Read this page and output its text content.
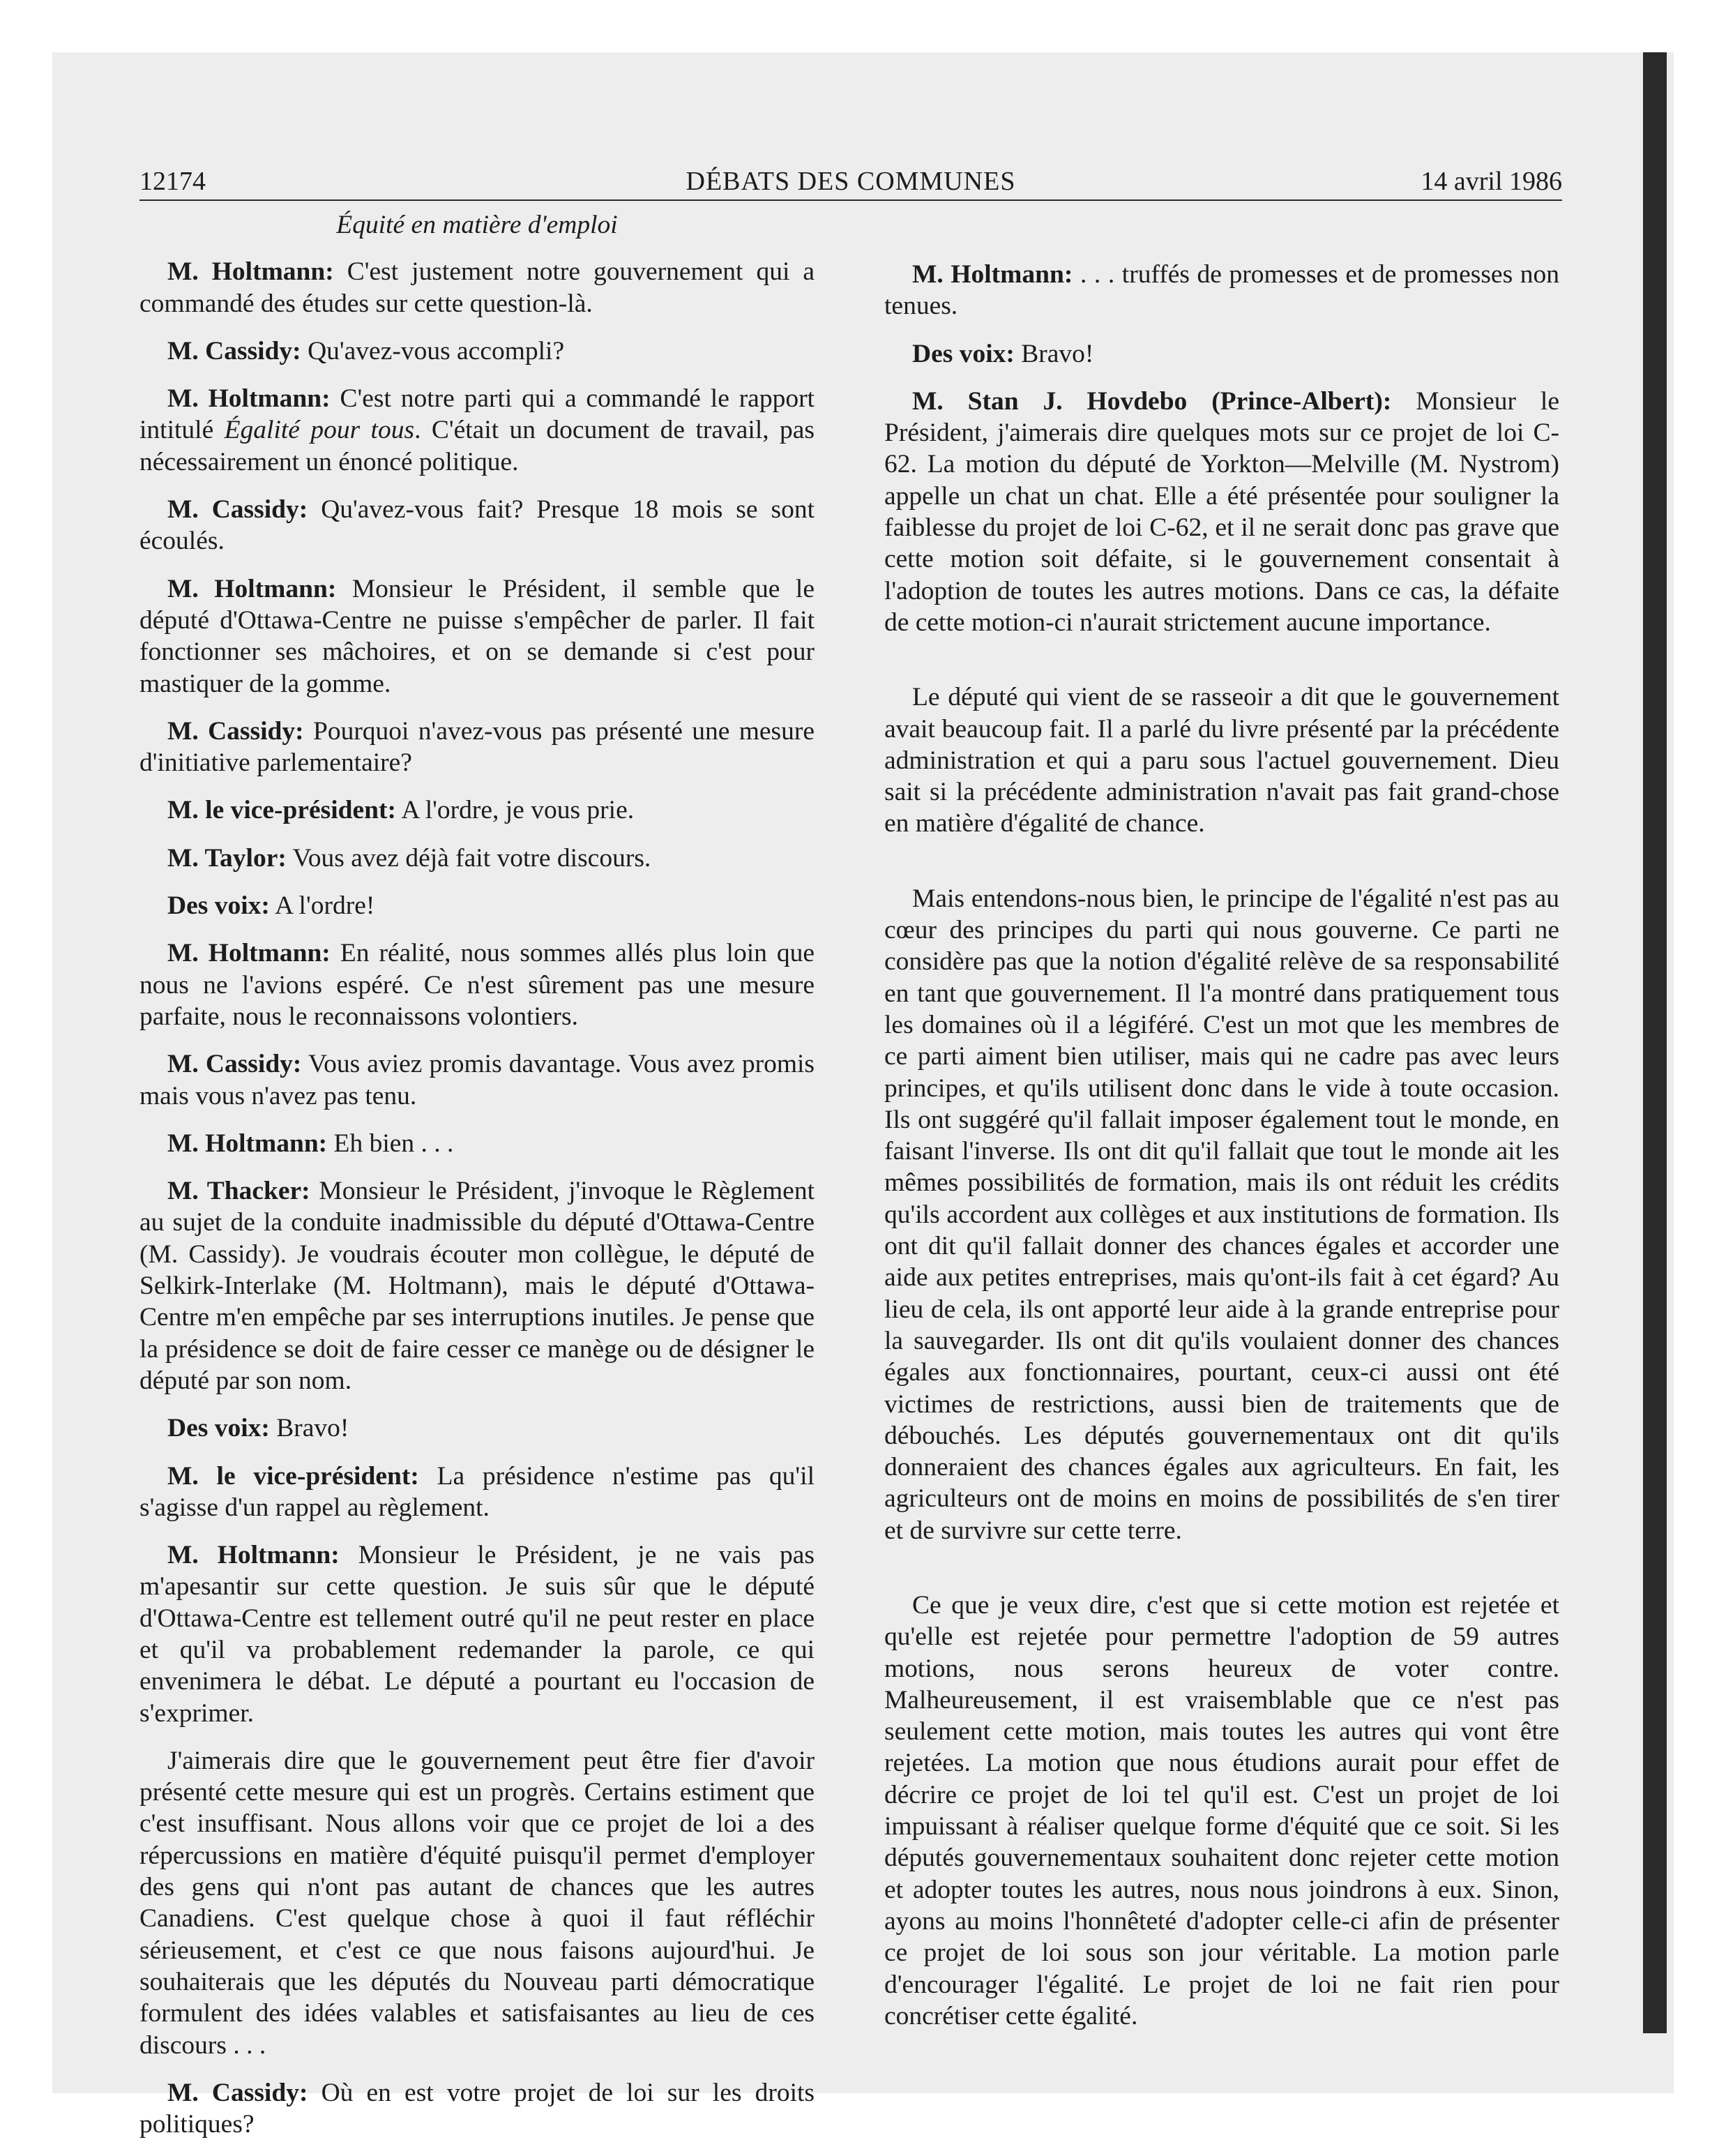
12174	DÉBATS DES COMMUNES	14 avril 1986
Équité en matière d'emploi

M. Holtmann: C'est justement notre gouvernement qui a commandé des études sur cette question-là.

M. Cassidy: Qu'avez-vous accompli?

M. Holtmann: C'est notre parti qui a commandé le rapport intitulé Égalité pour tous. C'était un document de travail, pas nécessairement un énoncé politique.

M. Cassidy: Qu'avez-vous fait? Presque 18 mois se sont écoulés.

M. Holtmann: Monsieur le Président, il semble que le député d'Ottawa-Centre ne puisse s'empêcher de parler. Il fait fonctionner ses mâchoires, et on se demande si c'est pour mastiquer de la gomme.

M. Cassidy: Pourquoi n'avez-vous pas présenté une mesure d'initiative parlementaire?

M. le vice-président: A l'ordre, je vous prie.

M. Taylor: Vous avez déjà fait votre discours.

Des voix: A l'ordre!

M. Holtmann: En réalité, nous sommes allés plus loin que nous ne l'avions espéré. Ce n'est sûrement pas une mesure parfaite, nous le reconnaissons volontiers.

M. Cassidy: Vous aviez promis davantage. Vous avez promis mais vous n'avez pas tenu.

M. Holtmann: Eh bien . . .

M. Thacker: Monsieur le Président, j'invoque le Règlement au sujet de la conduite inadmissible du député d'Ottawa-Centre (M. Cassidy). Je voudrais écouter mon collègue, le député de Selkirk-Interlake (M. Holtmann), mais le député d'Ottawa-Centre m'en empêche par ses interruptions inutiles. Je pense que la présidence se doit de faire cesser ce manège ou de désigner le député par son nom.

Des voix: Bravo!

M. le vice-président: La présidence n'estime pas qu'il s'agisse d'un rappel au règlement.

M. Holtmann: Monsieur le Président, je ne vais pas m'apesantir sur cette question. Je suis sûr que le député d'Ottawa-Centre est tellement outré qu'il ne peut rester en place et qu'il va probablement redemander la parole, ce qui envenimera le débat. Le député a pourtant eu l'occasion de s'exprimer.

J'aimerais dire que le gouvernement peut être fier d'avoir présenté cette mesure qui est un progrès. Certains estiment que c'est insuffisant. Nous allons voir que ce projet de loi a des répercussions en matière d'équité puisqu'il permet d'employer des gens qui n'ont pas autant de chances que les autres Canadiens. C'est quelque chose à quoi il faut réfléchir sérieusement, et c'est ce que nous faisons aujourd'hui. Je souhaiterais que les députés du Nouveau parti démocratique formulent des idées valables et satisfaisantes au lieu de ces discours . . .

M. Cassidy: Où en est votre projet de loi sur les droits politiques?

M. Holtmann: . . . truffés de promesses et de promesses non tenues.

Des voix: Bravo!

M. Stan J. Hovdebo (Prince-Albert): Monsieur le Président, j'aimerais dire quelques mots sur ce projet de loi C-62. La motion du député de Yorkton—Melville (M. Nystrom) appelle un chat un chat. Elle a été présentée pour souligner la faiblesse du projet de loi C-62, et il ne serait donc pas grave que cette motion soit défaite, si le gouvernement consentait à l'adoption de toutes les autres motions. Dans ce cas, la défaite de cette motion-ci n'aurait strictement aucune importance.

Le député qui vient de se rasseoir a dit que le gouvernement avait beaucoup fait. Il a parlé du livre présenté par la précédente administration et qui a paru sous l'actuel gouvernement. Dieu sait si la précédente administration n'avait pas fait grand-chose en matière d'égalité de chance.

Mais entendons-nous bien, le principe de l'égalité n'est pas au cœur des principes du parti qui nous gouverne. Ce parti ne considère pas que la notion d'égalité relève de sa responsabilité en tant que gouvernement. Il l'a montré dans pratiquement tous les domaines où il a légiféré. C'est un mot que les membres de ce parti aiment bien utiliser, mais qui ne cadre pas avec leurs principes, et qu'ils utilisent donc dans le vide à toute occasion. Ils ont suggéré qu'il fallait imposer également tout le monde, en faisant l'inverse. Ils ont dit qu'il fallait que tout le monde ait les mêmes possibilités de formation, mais ils ont réduit les crédits qu'ils accordent aux collèges et aux institutions de formation. Ils ont dit qu'il fallait donner des chances égales et accorder une aide aux petites entreprises, mais qu'ont-ils fait à cet égard? Au lieu de cela, ils ont apporté leur aide à la grande entreprise pour la sauvegarder. Ils ont dit qu'ils voulaient donner des chances égales aux fonctionnaires, pourtant, ceux-ci aussi ont été victimes de restrictions, aussi bien de traitements que de débouchés. Les députés gouvernementaux ont dit qu'ils donneraient des chances égales aux agriculteurs. En fait, les agriculteurs ont de moins en moins de possibilités de s'en tirer et de survivre sur cette terre.

Ce que je veux dire, c'est que si cette motion est rejetée et qu'elle est rejetée pour permettre l'adoption de 59 autres motions, nous serons heureux de voter contre. Malheureusement, il est vraisemblable que ce n'est pas seulement cette motion, mais toutes les autres qui vont être rejetées. La motion que nous étudions aurait pour effet de décrire ce projet de loi tel qu'il est. C'est un projet de loi impuissant à réaliser quelque forme d'équité que ce soit. Si les députés gouvernementaux souhaitent donc rejeter cette motion et adopter toutes les autres, nous nous joindrons à eux. Sinon, ayons au moins l'honnêteté d'adopter celle-ci afin de présenter ce projet de loi sous son jour véritable. La motion parle d'encourager l'égalité. Le projet de loi ne fait rien pour concrétiser cette égalité.
